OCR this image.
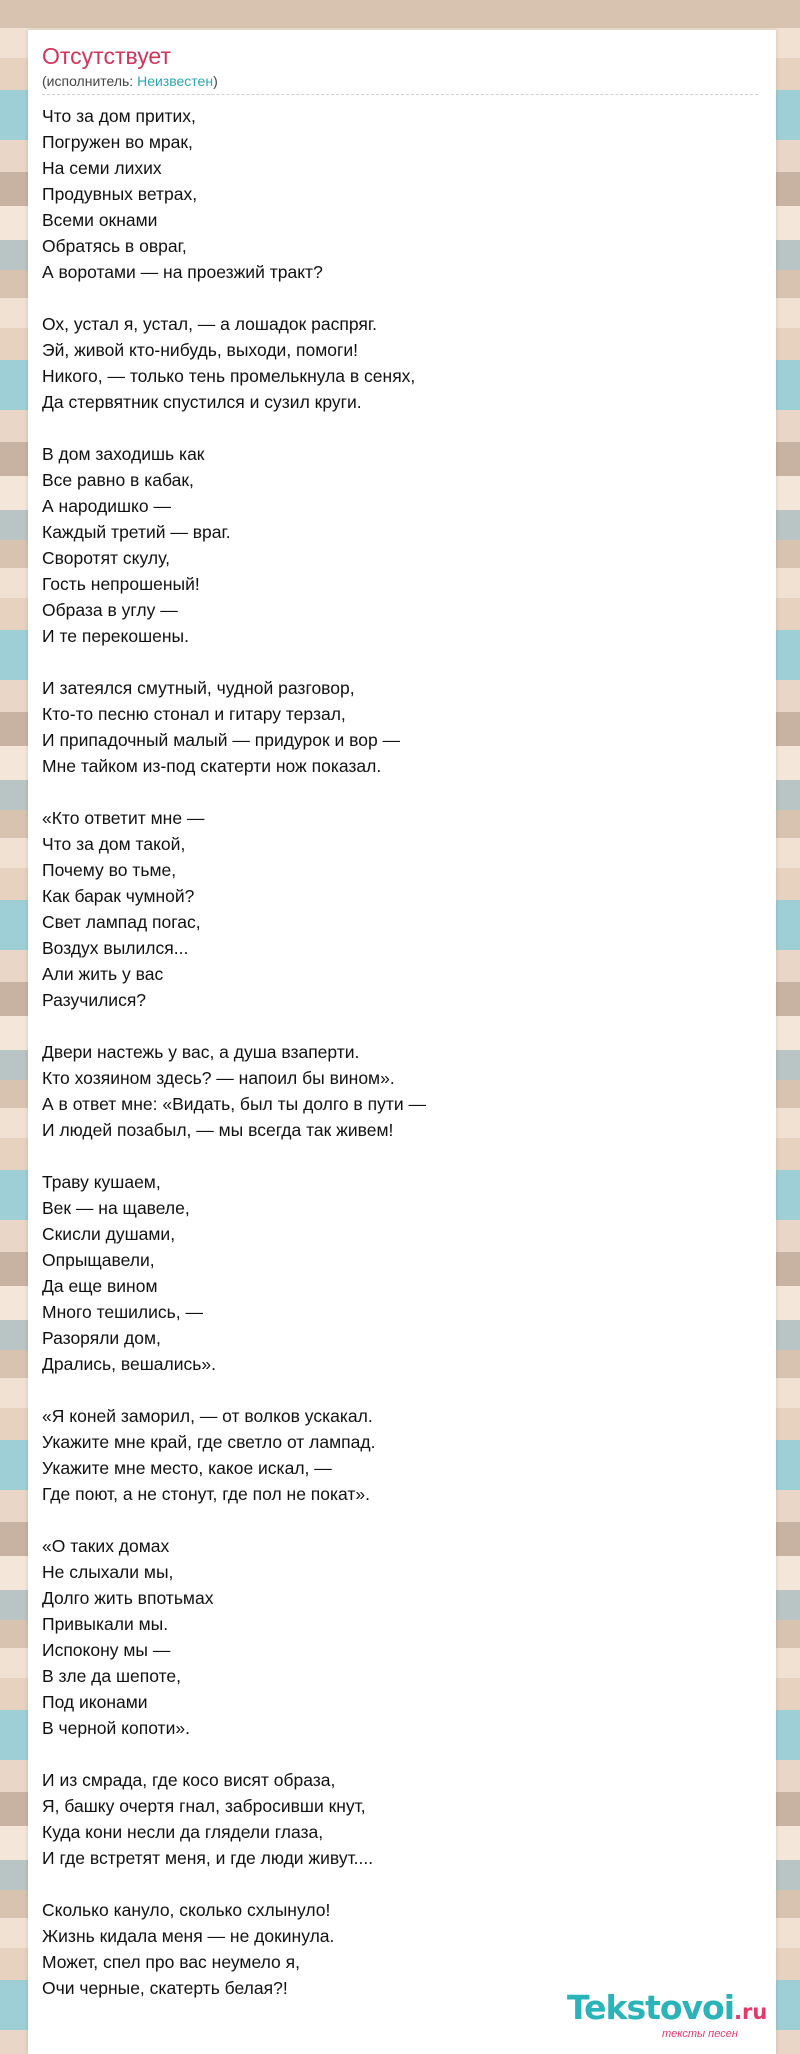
Отсутствует
(исполнитель: Неизвестен)
Что за дом притих,
Погружен во мрак,
На семи лихих
Продувных ветрах,
Всеми окнами
Обратясь в овраг,
А воротами — на проезжий тракт?
Ох, устал я, устал, — а лошадок распряг.
Эй, живой кто-нибудь, выходи, помоги!
Никого, — только тень промелькнула в сенях,
Да стервятник спустился и сузил круги.
В дом заходишь как
Все равно в кабак,
А народишко —
Каждый третий — враг.
Своротят скулу,
Гость непрошеный!
Образа в углу —
И те перекошены.
И затеялся смутный, чудной разговор,
Кто-то песню стонал и гитару терзал,
И припадочный малый — придурок и вор —
Мне тайком из-под скатерти нож показал.
«Кто ответит мне —
Что за дом такой,
Почему во тьме,
Как барак чумной?
Свет лампад погас,
Воздух вылился...
Али жить у вас
Разучилися?
Двери настежь у вас, а душа взаперти.
Кто хозяином здесь? — напоил бы вином».
А в ответ мне: «Видать, был ты долго в пути —
И людей позабыл, — мы всегда так живем!
Траву кушаем,
Век — на щавеле,
Скисли душами,
Опрыщавели,
Да еще вином
Много тешились, —
Разоряли дом,
Дрались, вешались».
«Я коней заморил, — от волков ускакал.
Укажите мне край, где светло от лампад.
Укажите мне место, какое искал, —
Где поют, а не стонут, где пол не покат».
«О таких домах
Не слыхали мы,
Долго жить впотьмах
Привыкали мы.
Испокону мы —
В зле да шепоте,
Под иконами
В черной копоти».
И из смрада, где косо висят образа,
Я, башку очертя гнал, забросивши кнут,
Куда кони несли да глядели глаза,
И где встретят меня, и где люди живут....
Сколько кануло, сколько схлынуло!
Жизнь кидала меня — не докинула.
Может, спел про вас неумело я,
Очи черные, скатерть белая?!	Tekstovoi.ru
тексты песен
